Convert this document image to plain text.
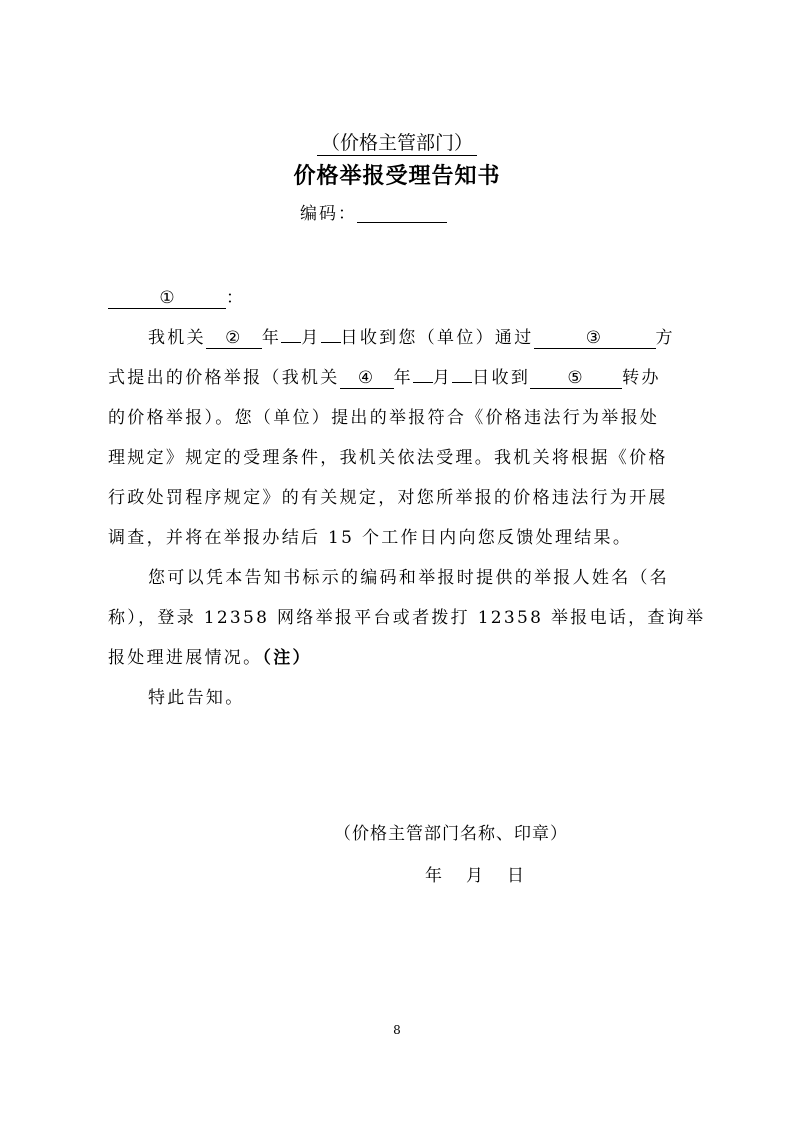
（价格主管部门）
价格举报受理告知书
编码：
①	：
我机关 ② 年 月 日收到您（单位）通过	③	方
式提出的价格举报（我机关 ④ 年 月 日收到 ⑤ 转办
的价格举报）。您（单位）提出的举报符合《价格违法行为举报处
理规定》规定的受理条件，我机关依法受理。我机关将根据《价格
行政处罚程序规定》的有关规定，对您所举报的价格违法行为开展
调查，并将在举报办结后 15 个工作日内向您反馈处理结果。
您可以凭本告知书标示的编码和举报时提供的举报人姓名（名
称），登录 12358 网络举报平台或者拨打 12358 举报电话，查询举
报处理进展情况。（注）
特此告知。
（价格主管部门名称、印章）
年 月 日
8
